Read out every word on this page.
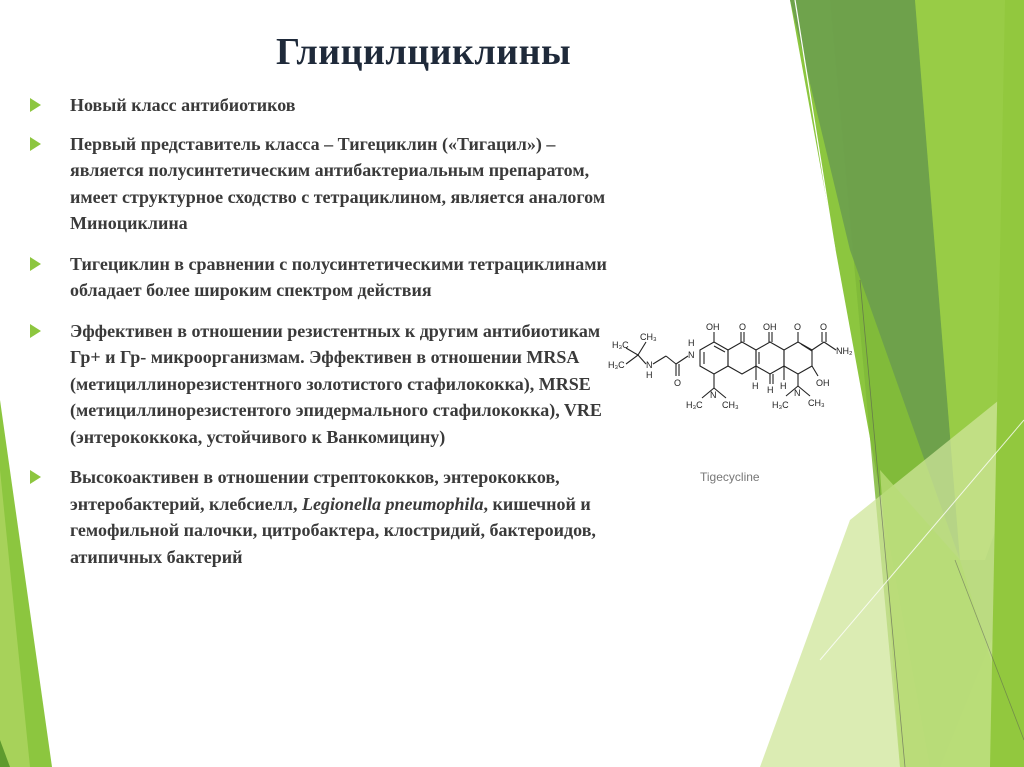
Глицилциклины
Новый класс антибиотиков
Первый представитель класса – Тигециклин («Тигацил») – является полусинтетическим антибактериальным препаратом, имеет структурное сходство с тетрациклином, является аналогом Миноциклина
Тигециклин в сравнении с полусинтетическими тетрациклинами обладает более широким спектром действия
Эффективен в отношении резистентных к другим антибиотикам Гр+ и Гр- микроорганизмам. Эффективен в отношении MRSA (метициллинорезистентного золотистого стафилококка), MRSE (метициллинорезистентого эпидермального стафилококка), VRE (энтерококкока, устойчивого к Ванкомицину)
Высокоактивен в отношении стрептококков, энтерококков, энтеробактерий, клебсиелл, Legionella pneumophila, кишечной и гемофильной палочки, цитробактера, клостридий, бактероидов, атипичных бактерий
H₃C
H₃C
CH₃
N
H
O
H
N
OH O OH O O
NH₂
OH
H H
H
N
H₃C CH₃
N
H₃C CH₃
Tigecycline
